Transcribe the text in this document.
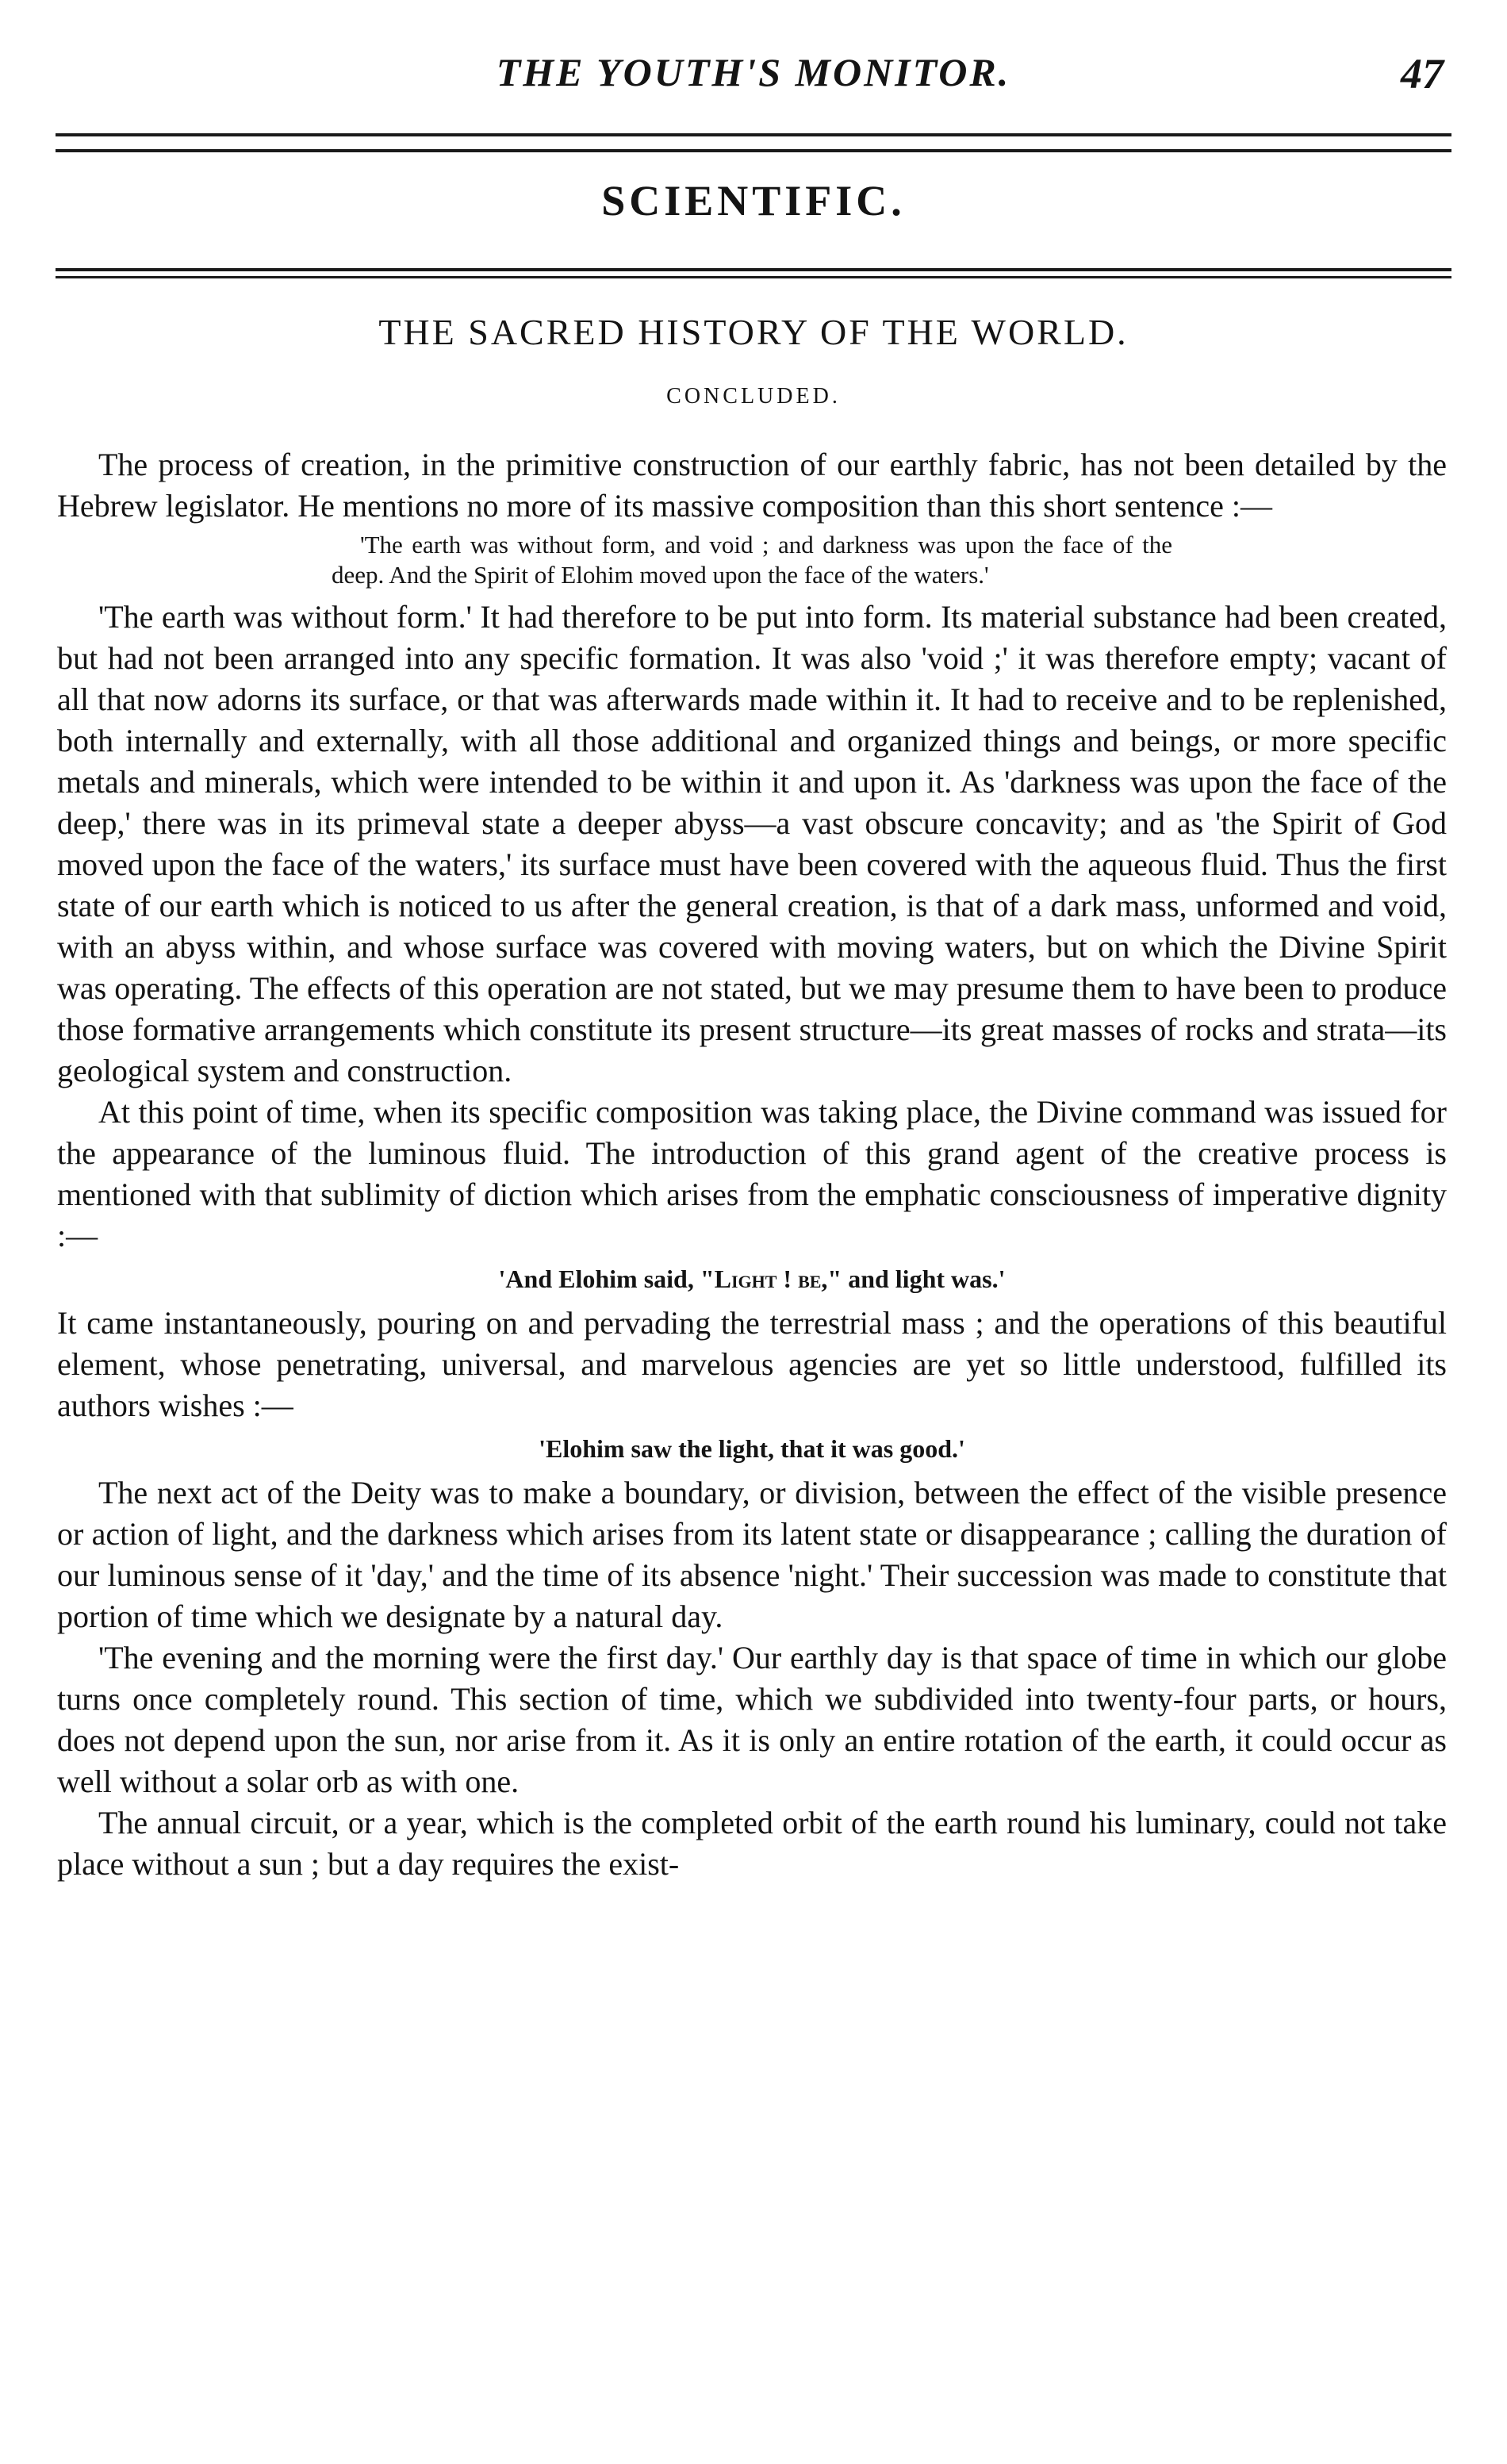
THE YOUTH'S MONITOR.	47
SCIENTIFIC.
THE SACRED HISTORY OF THE WORLD.
CONCLUDED.

The process of creation, in the primitive construction of our earthly fabric, has not been detailed by the Hebrew legislator. He mentions no more of its massive composition than this short sentence :—

'The earth was without form, and void ; and darkness was upon the face of the deep. And the Spirit of Elohim moved upon the face of the waters.'

'The earth was without form.' It had therefore to be put into form. Its material substance had been created, but had not been arranged into any specific formation. It was also 'void ;' it was therefore empty; vacant of all that now adorns its surface, or that was afterwards made within it. It had to receive and to be replenished, both internally and externally, with all those additional and organized things and beings, or more specific metals and minerals, which were intended to be within it and upon it. As 'darkness was upon the face of the deep,' there was in its primeval state a deeper abyss—a vast obscure concavity; and as 'the Spirit of God moved upon the face of the waters,' its surface must have been covered with the aqueous fluid. Thus the first state of our earth which is noticed to us after the general creation, is that of a dark mass, unformed and void, with an abyss within, and whose surface was covered with moving waters, but on which the Divine Spirit was operating. The effects of this operation are not stated, but we may presume them to have been to produce those formative arrangements which constitute its present structure—its great masses of rocks and strata—its geological system and construction.

At this point of time, when its specific composition was taking place, the Divine command was issued for the appearance of the luminous fluid. The introduction of this grand agent of the creative process is mentioned with that sublimity of diction which arises from the emphatic consciousness of imperative dignity :—

'And Elohim said, "Light ! be," and light was.'

It came instantaneously, pouring on and pervading the terrestrial mass ; and the operations of this beautiful element, whose penetrating, universal, and marvelous agencies are yet so little understood, fulfilled its authors wishes :—

'Elohim saw the light, that it was good.'

The next act of the Deity was to make a boundary, or division, between the effect of the visible presence or action of light, and the darkness which arises from its latent state or disappearance ; calling the duration of our luminous sense of it 'day,' and the time of its absence 'night.' Their succession was made to constitute that portion of time which we designate by a natural day.

'The evening and the morning were the first day.' Our earthly day is that space of time in which our globe turns once completely round. This section of time, which we subdivided into twenty-four parts, or hours, does not depend upon the sun, nor arise from it. As it is only an entire rotation of the earth, it could occur as well without a solar orb as with one.

The annual circuit, or a year, which is the completed orbit of the earth round his luminary, could not take place without a sun ; but a day requires the exist-
